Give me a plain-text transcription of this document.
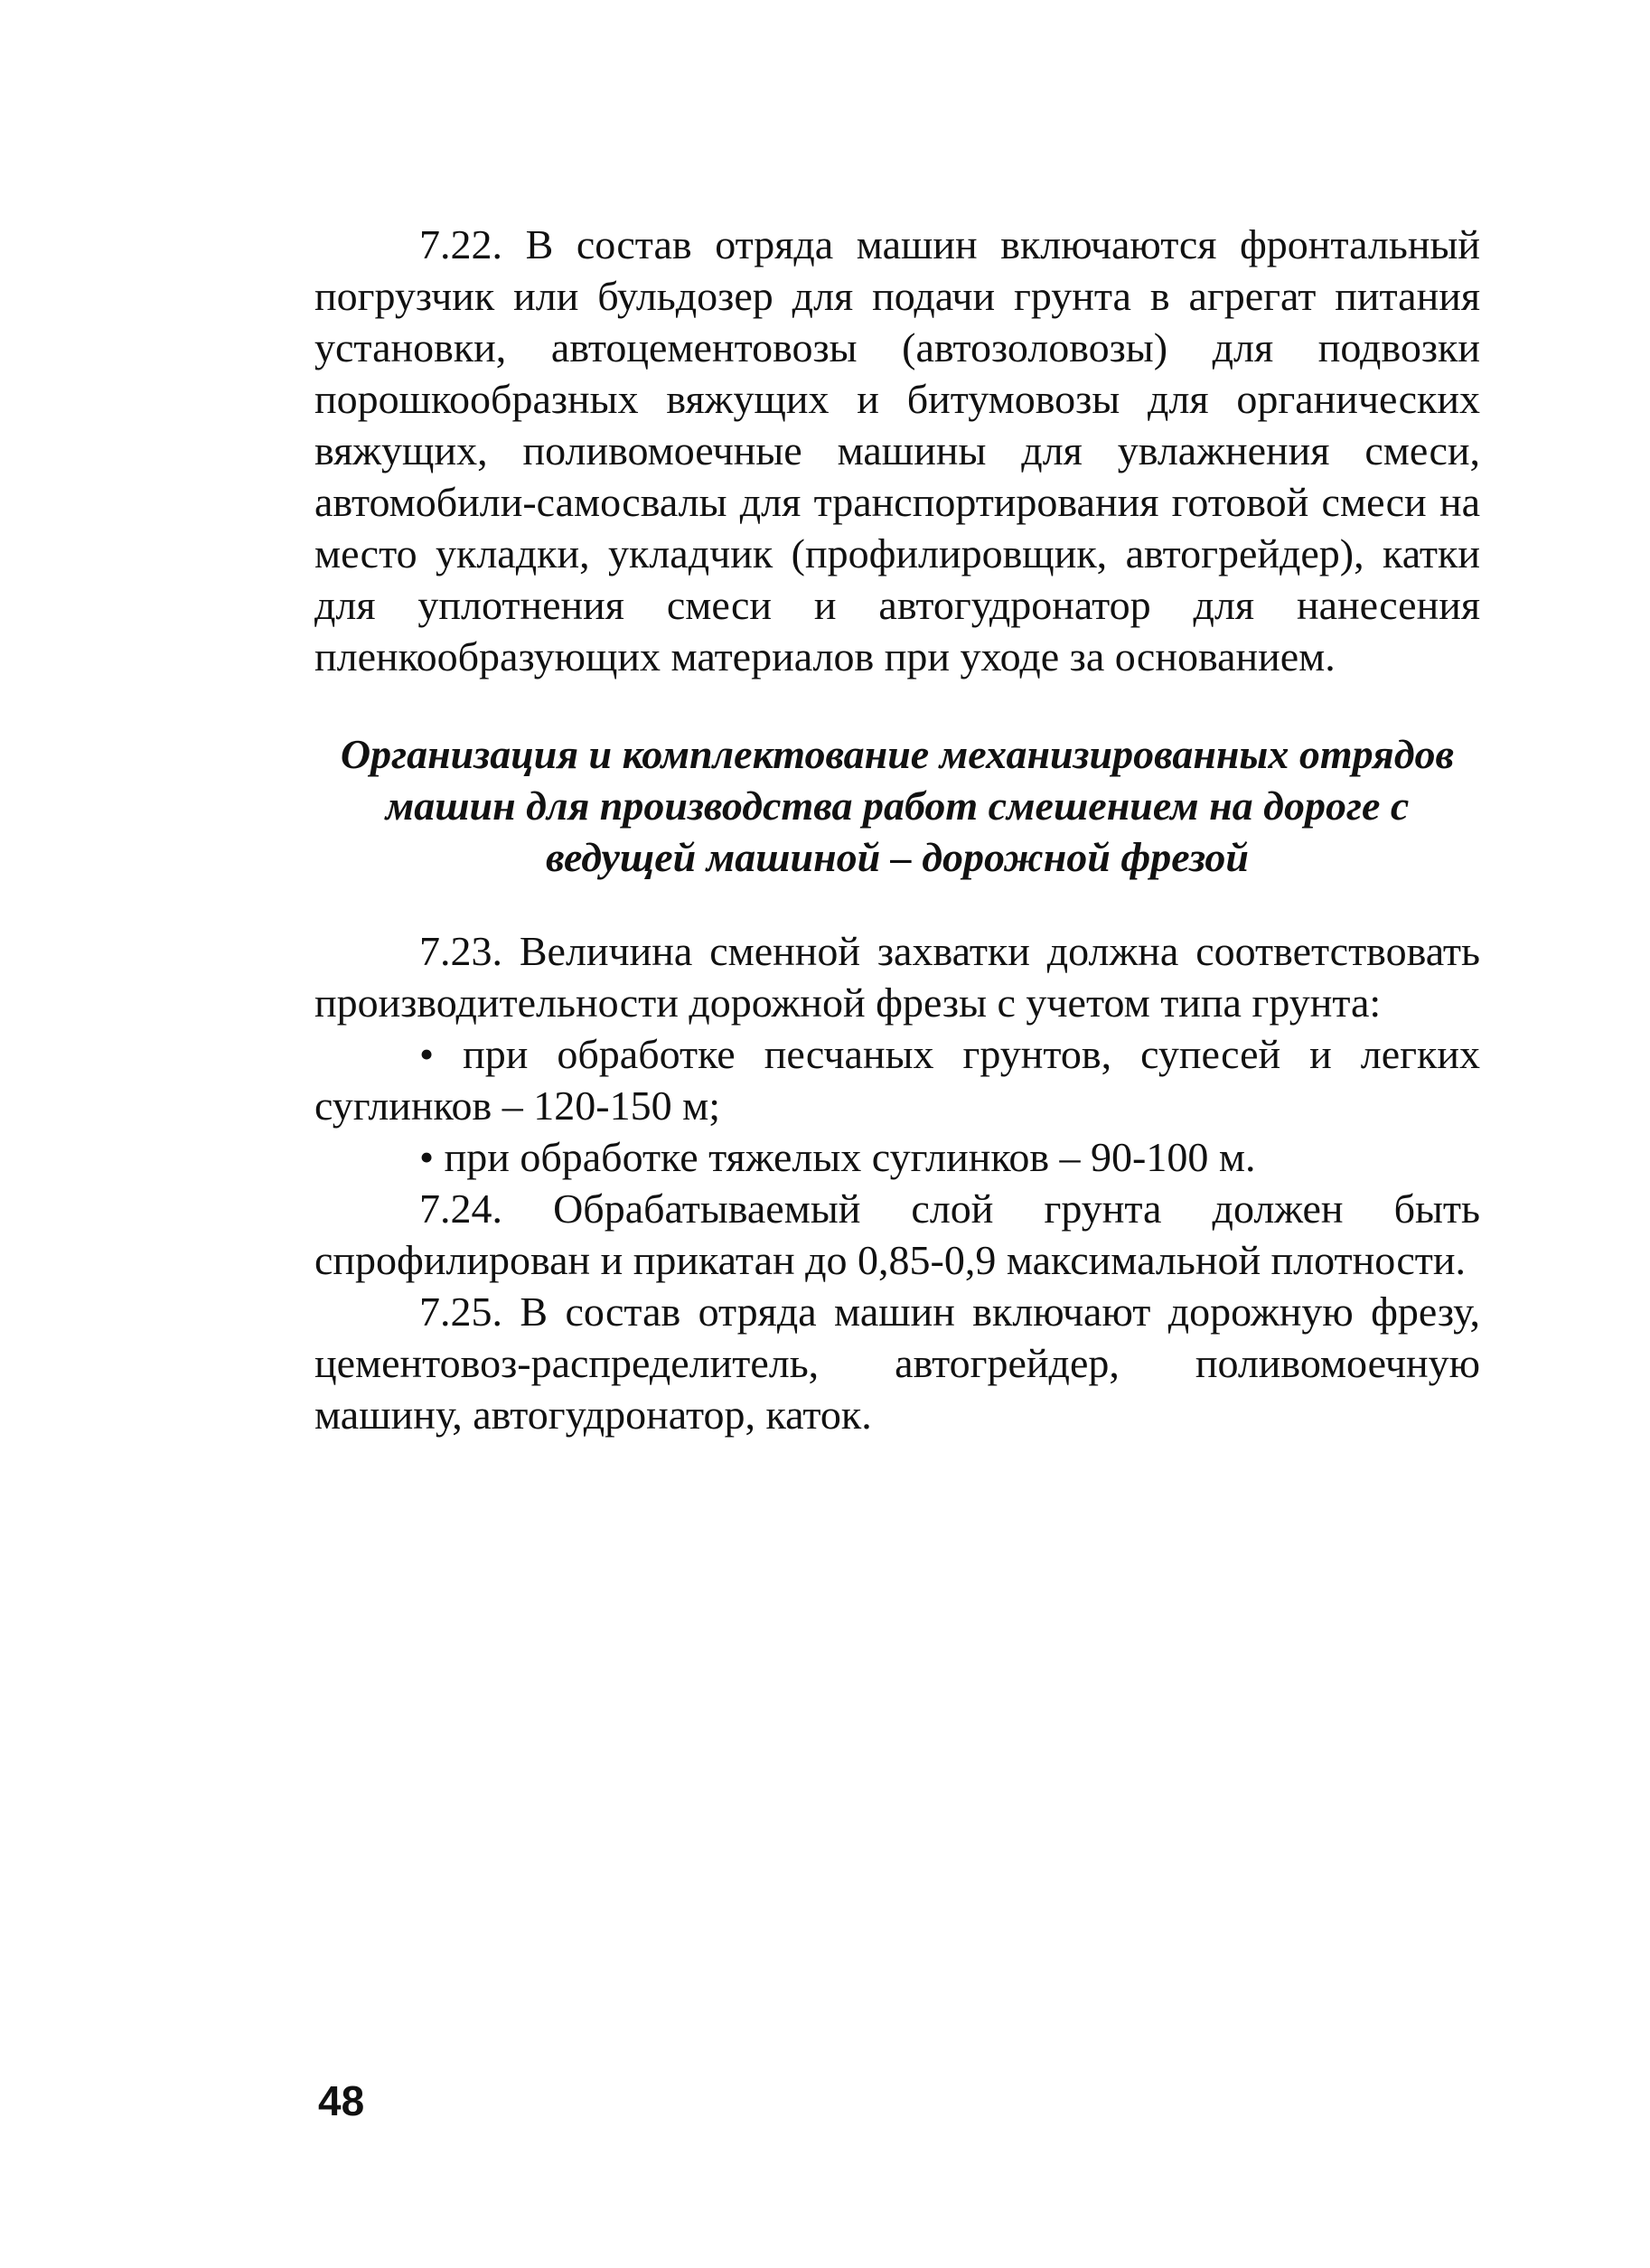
7.22. В состав отряда машин включаются фронтальный погрузчик или бульдозер для подачи грунта в агрегат питания установки, автоцементовозы (автозоловозы) для подвозки порошкообразных вяжущих и битумовозы для органических вяжущих, поливомоечные машины для увлажнения смеси, автомобили-самосвалы для транспортирования готовой смеси на место укладки, укладчик (профилировщик, автогрейдер), катки для уплотнения смеси и автогудронатор для нанесения пленкообразующих материалов при уходе за основанием.

Организация и комплектование механизированных отрядов
машин для производства работ смешением на дороге с
ведущей машиной – дорожной фрезой

7.23. Величина сменной захватки должна соответствовать производительности дорожной фрезы с учетом типа грунта:

• при обработке песчаных грунтов, супесей и легких суглинков – 120-150 м;

• при обработке тяжелых суглинков – 90-100 м.

7.24. Обрабатываемый слой грунта должен быть спрофилирован и прикатан до 0,85-0,9 максимальной плотности.

7.25. В состав отряда машин включают дорожную фрезу, цементовоз-распределитель, автогрейдер, поливомоечную машину, автогудронатор, каток.

48
